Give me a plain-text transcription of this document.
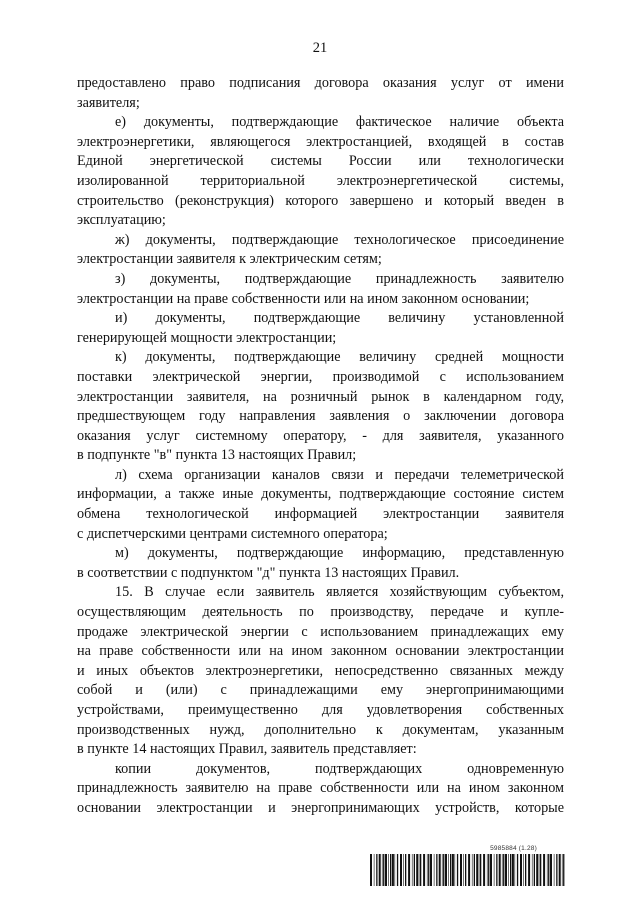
21
предоставлено право подписания договора оказания услуг от имени
заявителя;
е) документы, подтверждающие фактическое наличие объекта
электроэнергетики, являющегося электростанцией, входящей в состав
Единой энергетической системы России или технологически
изолированной территориальной электроэнергетической системы,
строительство (реконструкция) которого завершено и который введен в
эксплуатацию;
ж) документы, подтверждающие технологическое присоединение
электростанции заявителя к электрическим сетям;
з) документы, подтверждающие принадлежность заявителю
электростанции на праве собственности или на ином законном основании;
и) документы, подтверждающие величину установленной
генерирующей мощности электростанции;
к) документы, подтверждающие величину средней мощности
поставки электрической энергии, производимой с использованием
электростанции заявителя, на розничный рынок в календарном году,
предшествующем году направления заявления о заключении договора
оказания услуг системному оператору, - для заявителя, указанного
в подпункте "в" пункта 13 настоящих Правил;
л) схема организации каналов связи и передачи телеметрической
информации, а также иные документы, подтверждающие состояние систем
обмена технологической информацией электростанции заявителя
с диспетчерскими центрами системного оператора;
м) документы, подтверждающие информацию, представленную
в соответствии с подпунктом "д" пункта 13 настоящих Правил.
15. В случае если заявитель является хозяйствующим субъектом,
осуществляющим деятельность по производству, передаче и купле-
продаже электрической энергии с использованием принадлежащих ему
на праве собственности или на ином законном основании электростанции
и иных объектов электроэнергетики, непосредственно связанных между
собой и (или) с принадлежащими ему энергопринимающими
устройствами, преимущественно для удовлетворения собственных
производственных нужд, дополнительно к документам, указанным
в пункте 14 настоящих Правил, заявитель представляет:
копии документов, подтверждающих одновременную
принадлежность заявителю на праве собственности или на ином законном
основании электростанции и энергопринимающих устройств, которые
5985884 (1.28)
